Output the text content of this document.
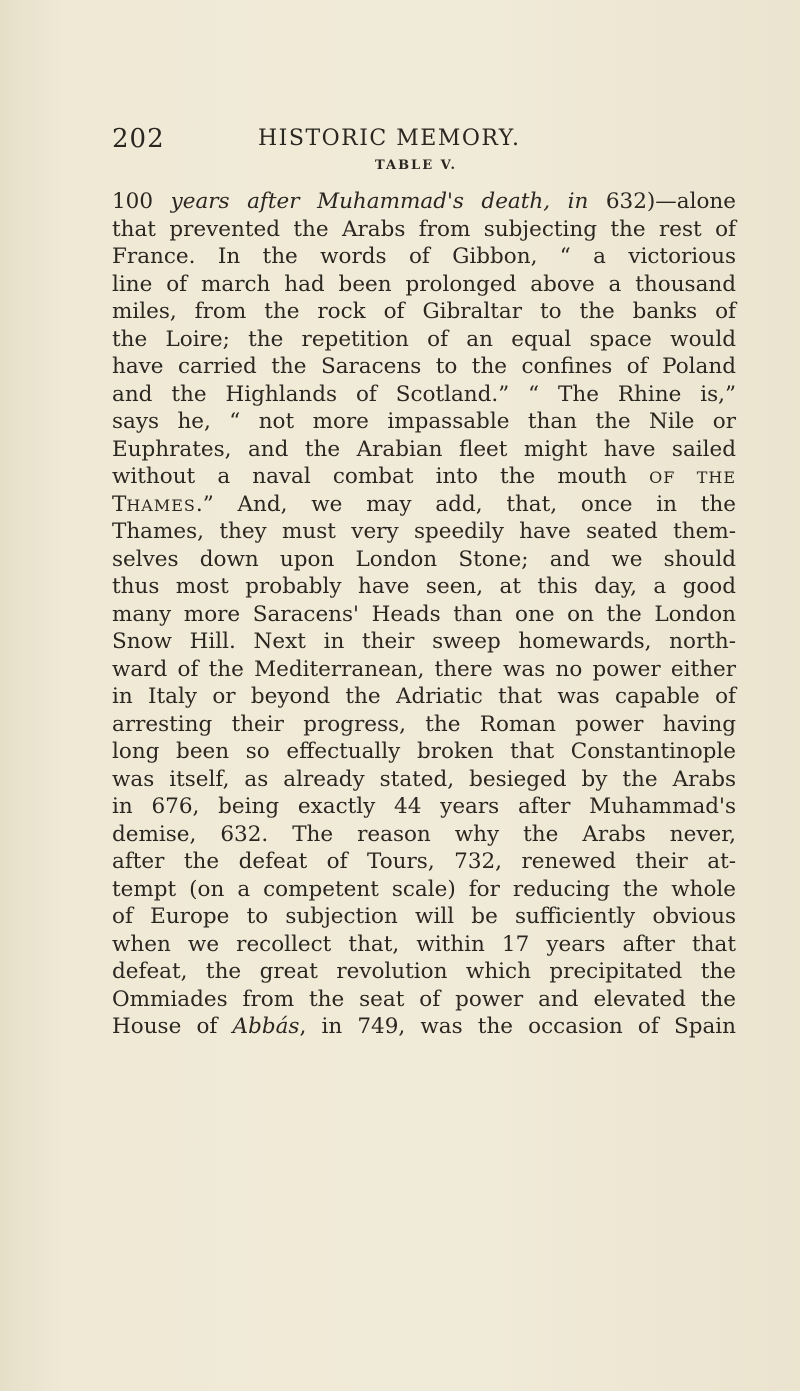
202	HISTORIC MEMORY.
TABLE V.
100 years after Muhammad's death, in 632)—alone
that prevented the Arabs from subjecting the rest of
France. In the words of Gibbon, “ a victorious
line of march had been prolonged above a thousand
miles, from the rock of Gibraltar to the banks of
the Loire; the repetition of an equal space would
have carried the Saracens to the confines of Poland
and the Highlands of Scotland.” “ The Rhine is,”
says he, “ not more impassable than the Nile or
Euphrates, and the Arabian fleet might have sailed
without a naval combat into the mouth OF THE
THAMES.” And, we may add, that, once in the
Thames, they must very speedily have seated them-
selves down upon London Stone; and we should
thus most probably have seen, at this day, a good
many more Saracens' Heads than one on the London
Snow Hill. Next in their sweep homewards, north-
ward of the Mediterranean, there was no power either
in Italy or beyond the Adriatic that was capable of
arresting their progress, the Roman power having
long been so effectually broken that Constantinople
was itself, as already stated, besieged by the Arabs
in 676, being exactly 44 years after Muhammad's
demise, 632. The reason why the Arabs never,
after the defeat of Tours, 732, renewed their at-
tempt (on a competent scale) for reducing the whole
of Europe to subjection will be sufficiently obvious
when we recollect that, within 17 years after that
defeat, the great revolution which precipitated the
Ommiades from the seat of power and elevated the
House of Abbás, in 749, was the occasion of Spain
